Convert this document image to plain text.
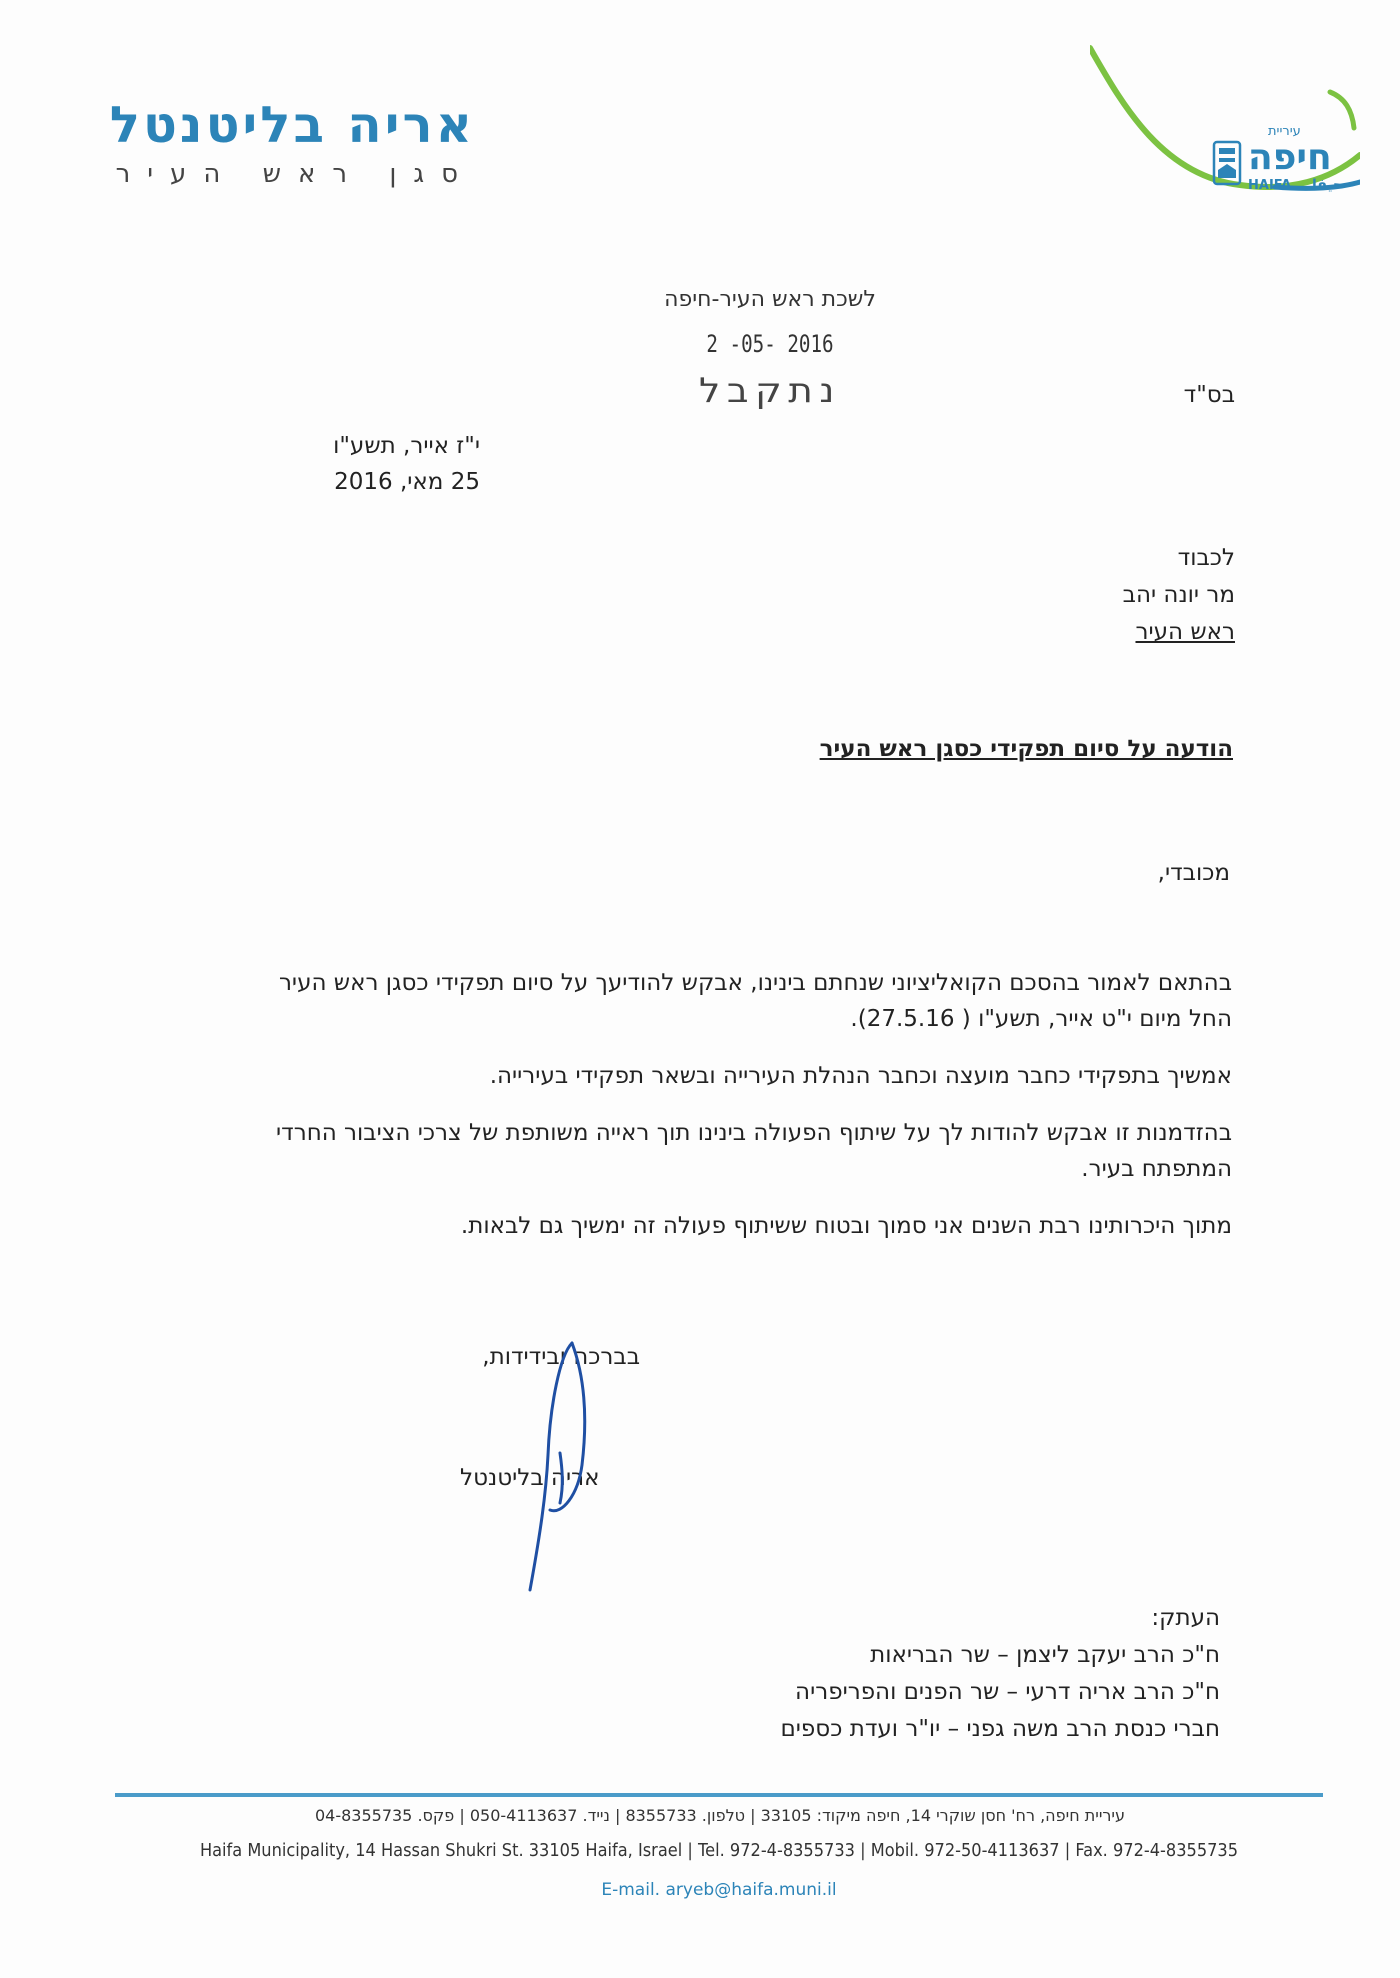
אריה בליטנטל
סגן ראש העיר
עיריית
חיפה
HAIFA حيفا
לשכת ראש העיר-חיפה
2 -05- 2016
נתקבל	בס"ד
י"ז אייר, תשע"ו
25 מאי, 2016
לכבוד
מר יונה יהב
ראש העיר
הודעה על סיום תפקידי כסגן ראש העיר
מכובדי,

בהתאם לאמור בהסכם הקואליציוני שנחתם בינינו, אבקש להודיעך על סיום תפקידי כסגן ראש העיר החל מיום י"ט אייר, תשע"ו ( 27.5.16).

אמשיך בתפקידי כחבר מועצה וכחבר הנהלת העירייה ובשאר תפקידי בעירייה.

בהזדמנות זו אבקש להודות לך על שיתוף הפעולה בינינו תוך ראייה משותפת של צרכי הציבור החרדי המתפתח בעיר.

מתוך היכרותינו רבת השנים אני סמוך ובטוח ששיתוף פעולה זה ימשיך גם לבאות.

בברכה ובידידות,
אריה בליטנטל
העתק:
ח"כ הרב יעקב ליצמן – שר הבריאות
ח"כ הרב אריה דרעי – שר הפנים והפריפריה
חברי כנסת הרב משה גפני – יו"ר ועדת כספים
עיריית חיפה, רח' חסן שוקרי 14, חיפה מיקוד: 33105 | טלפון. 8355733 | נייד. 050-4113637 | פקס. 04-8355735
Haifa Municipality, 14 Hassan Shukri St. 33105 Haifa, Israel | Tel. 972-4-8355733 | Mobil. 972-50-4113637 | Fax. 972-4-8355735
E-mail. aryeb@haifa.muni.il
